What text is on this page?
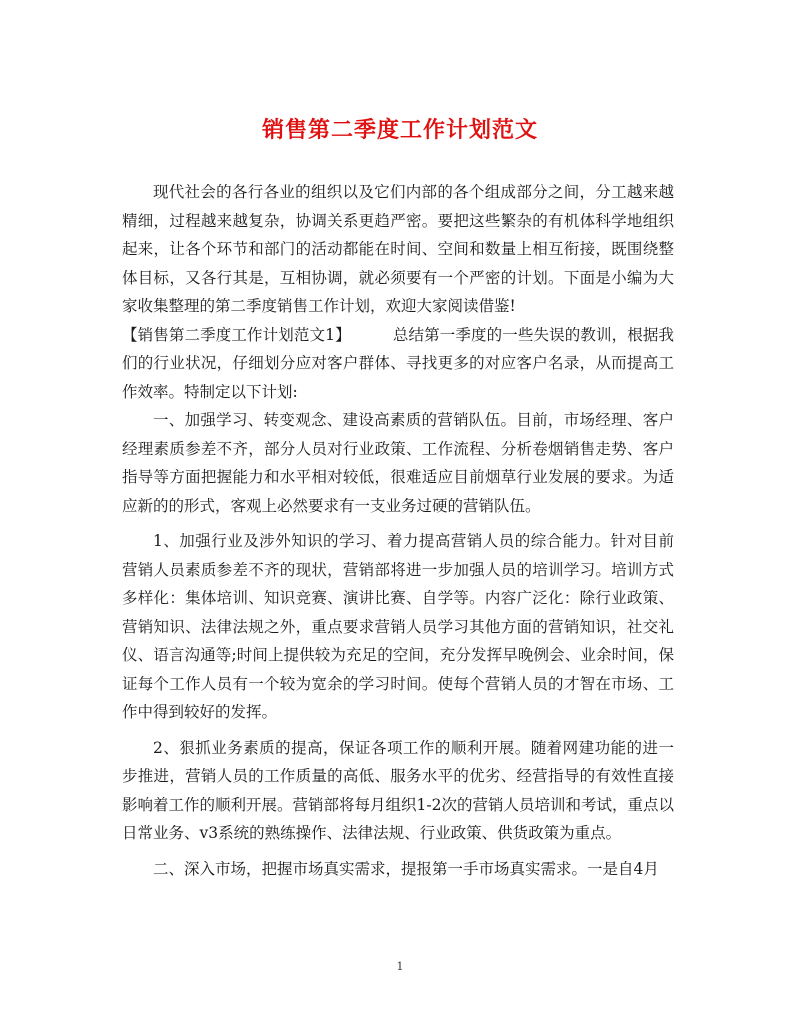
销售第二季度工作计划范文

现代社会的各行各业的组织以及它们内部的各个组成部分之间，分工越来越精细，过程越来越复杂，协调关系更趋严密。要把这些繁杂的有机体科学地组织起来，让各个环节和部门的活动都能在时间、空间和数量上相互衔接，既围绕整体目标，又各行其是，互相协调，就必须要有一个严密的计划。下面是小编为大家收集整理的第二季度销售工作计划，欢迎大家阅读借鉴!

【销售第二季度工作计划范文1】	总结第一季度的一些失误的教训，根据我们的行业状况，仔细划分应对客户群体、寻找更多的对应客户名录，从而提高工作效率。特制定以下计划:

一、加强学习、转变观念、建设高素质的营销队伍。目前，市场经理、客户经理素质参差不齐，部分人员对行业政策、工作流程、分析卷烟销售走势、客户指导等方面把握能力和水平相对较低，很难适应目前烟草行业发展的要求。为适应新的的形式，客观上必然要求有一支业务过硬的营销队伍。

1、加强行业及涉外知识的学习、着力提高营销人员的综合能力。针对目前营销人员素质参差不齐的现状，营销部将进一步加强人员的培训学习。培训方式多样化：集体培训、知识竞赛、演讲比赛、自学等。内容广泛化：除行业政策、营销知识、法律法规之外，重点要求营销人员学习其他方面的营销知识，社交礼仪、语言沟通等;时间上提供较为充足的空间，充分发挥早晚例会、业余时间，保证每个工作人员有一个较为宽余的学习时间。使每个营销人员的才智在市场、工作中得到较好的发挥。

2、狠抓业务素质的提高，保证各项工作的顺利开展。随着网建功能的进一步推进，营销人员的工作质量的高低、服务水平的优劣、经营指导的有效性直接影响着工作的顺利开展。营销部将每月组织1-2次的营销人员培训和考试，重点以日常业务、v3系统的熟练操作、法律法规、行业政策、供货政策为重点。

二、深入市场，把握市场真实需求，提报第一手市场真实需求。一是自4月

1
